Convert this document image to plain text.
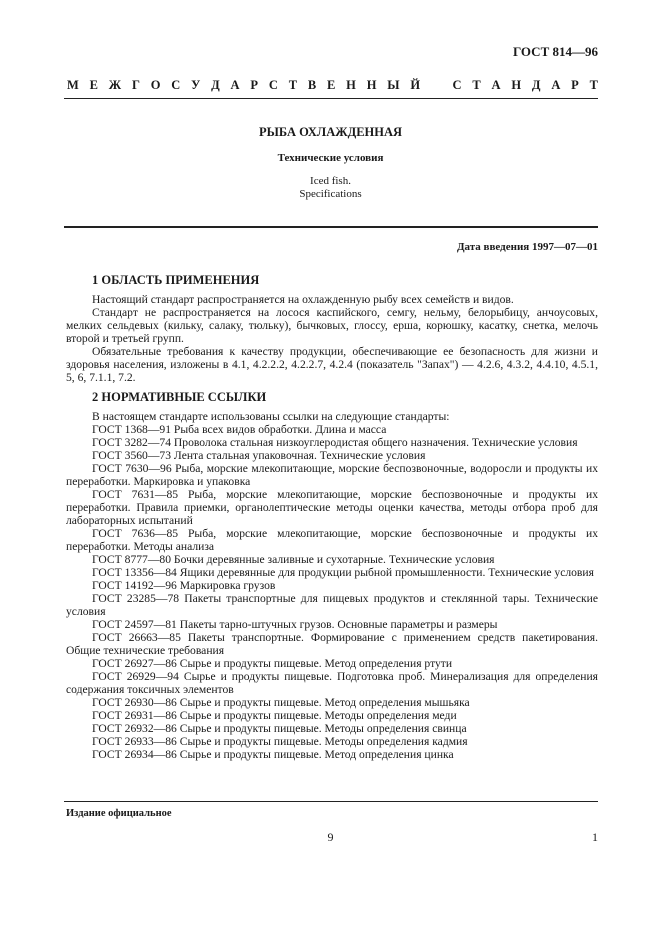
ГОСТ 814—96
М Е Ж Г О С У Д А Р С Т В Е Н Н Ы Й	С Т А Н Д А Р Т
РЫБА ОХЛАЖДЕННАЯ
Технические условия
Iced fish.
Specifications
Дата введения 1997—07—01
1 ОБЛАСТЬ ПРИМЕНЕНИЯ

Настоящий стандарт распространяется на охлажденную рыбу всех семейств и видов.

Стандарт не распространяется на лосося каспийского, семгу, нельму, белорыбицу, анчоусовых, мелких сельдевых (кильку, салаку, тюльку), бычковых, глоссу, ерша, корюшку, касатку, снетка, мелочь второй и третьей групп.

Обязательные требования к качеству продукции, обеспечивающие ее безопасность для жизни и здоровья населения, изложены в 4.1, 4.2.2.2, 4.2.2.7, 4.2.4 (показатель "Запах") — 4.2.6, 4.3.2, 4.4.10, 4.5.1, 5, 6, 7.1.1, 7.2.

2 НОРМАТИВНЫЕ ССЫЛКИ

В настоящем стандарте использованы ссылки на следующие стандарты:

ГОСТ 1368—91 Рыба всех видов обработки. Длина и масса

ГОСТ 3282—74 Проволока стальная низкоуглеродистая общего назначения. Технические условия

ГОСТ 3560—73 Лента стальная упаковочная. Технические условия

ГОСТ 7630—96 Рыба, морские млекопитающие, морские беспозвоночные, водоросли и продукты их переработки. Маркировка и упаковка

ГОСТ 7631—85 Рыба, морские млекопитающие, морские беспозвоночные и продукты их переработки. Правила приемки, органолептические методы оценки качества, методы отбора проб для лабораторных испытаний

ГОСТ 7636—85 Рыба, морские млекопитающие, морские беспозвоночные и продукты их переработки. Методы анализа

ГОСТ 8777—80 Бочки деревянные заливные и сухотарные. Технические условия

ГОСТ 13356—84 Ящики деревянные для продукции рыбной промышленности. Технические условия

ГОСТ 14192—96 Маркировка грузов

ГОСТ 23285—78 Пакеты транспортные для пищевых продуктов и стеклянной тары. Технические условия

ГОСТ 24597—81 Пакеты тарно-штучных грузов. Основные параметры и размеры

ГОСТ 26663—85 Пакеты транспортные. Формирование с применением средств пакетирования. Общие технические требования

ГОСТ 26927—86 Сырье и продукты пищевые. Метод определения ртути

ГОСТ 26929—94 Сырье и продукты пищевые. Подготовка проб. Минерализация для определения содержания токсичных элементов

ГОСТ 26930—86 Сырье и продукты пищевые. Метод определения мышьяка

ГОСТ 26931—86 Сырье и продукты пищевые. Методы определения меди

ГОСТ 26932—86 Сырье и продукты пищевые. Методы определения свинца

ГОСТ 26933—86 Сырье и продукты пищевые. Методы определения кадмия

ГОСТ 26934—86 Сырье и продукты пищевые. Метод определения цинка

Издание официальное
9	1
